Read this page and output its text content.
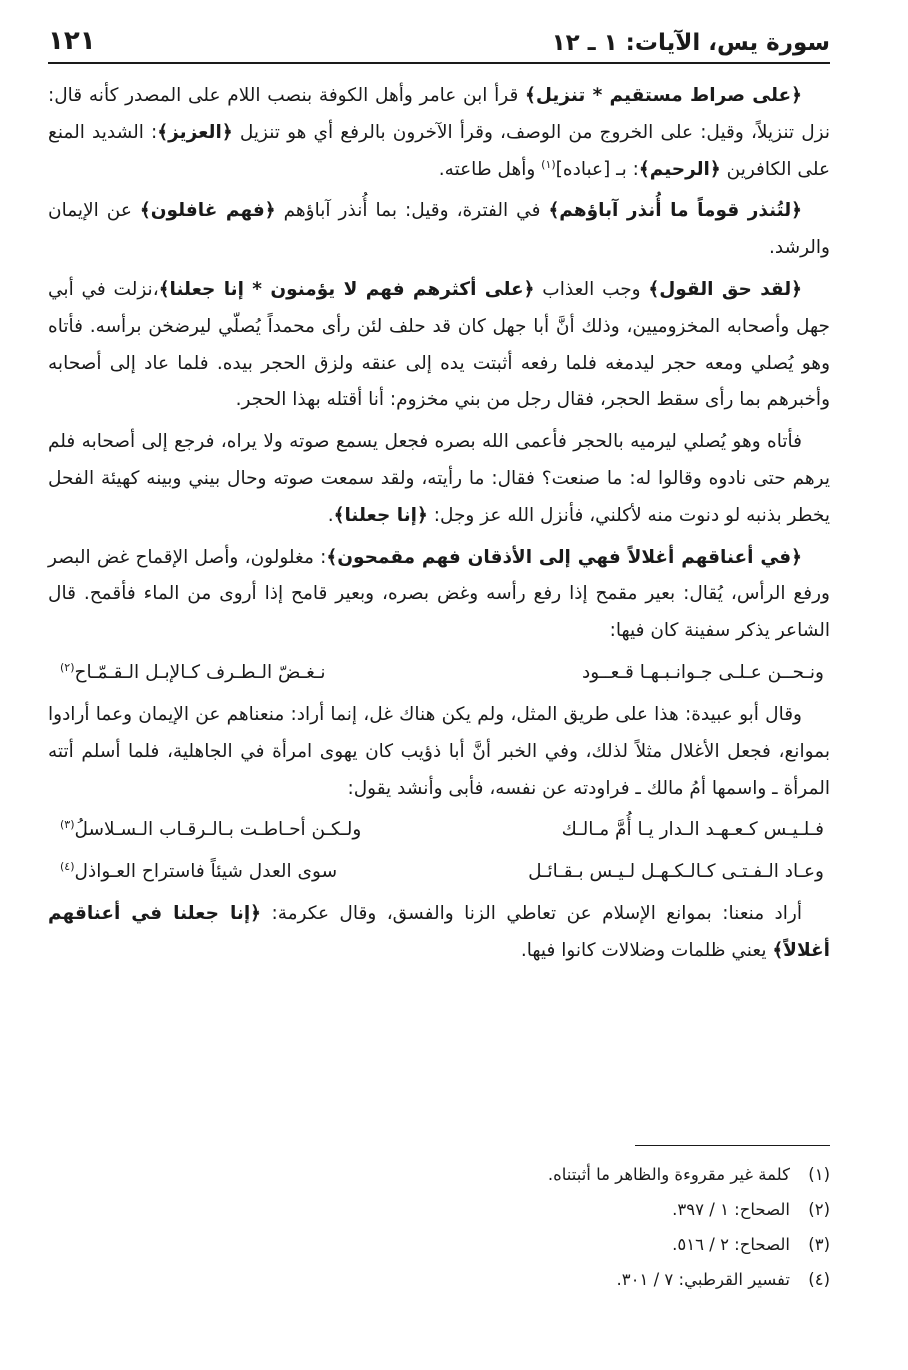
سورة يس، الآيات: ١ ـ ١٢
١٢١

﴿على صراط مستقيم * تنزيل﴾ قرأ ابن عامر وأهل الكوفة بنصب اللام على المصدر كأنه قال: نزل تنزيلاً، وقيل: على الخروج من الوصف، وقرأ الآخرون بالرفع أي هو تنزيل ﴿العزيز﴾: الشديد المنع على الكافرين ﴿الرحيم﴾: بـ [عباده]$^{(١)}$ وأهل طاعته.

﴿لتُنذر قوماً ما أُنذر آباؤهم﴾ في الفترة، وقيل: بما أُنذر آباؤهم ﴿فهم غافلون﴾ عن الإيمان والرشد.

﴿لقد حق القول﴾ وجب العذاب ﴿على أكثرهم فهم لا يؤمنون * إنا جعلنا﴾،نزلت في أبي جهل وأصحابه المخزوميين، وذلك أنَّ أبا جهل كان قد حلف لئن رأى محمداً يُصلّي ليرضخن برأسه. فأتاه وهو يُصلي ومعه حجر ليدمغه فلما رفعه أثبتت يده إلى عنقه ولزق الحجر بيده. فلما عاد إلى أصحابه وأخبرهم بما رأى سقط الحجر، فقال رجل من بني مخزوم: أنا أقتله بهذا الحجر.

فأتاه وهو يُصلي ليرميه بالحجر فأعمى الله بصره فجعل يسمع صوته ولا يراه، فرجع إلى أصحابه فلم يرهم حتى نادوه وقالوا له: ما صنعت؟ فقال: ما رأيته، ولقد سمعت صوته وحال بيني وبينه كهيئة الفحل يخطر بذنبه لو دنوت منه لأكلني، فأنزل الله عز وجل: ﴿إنا جعلنا﴾.

﴿في أعناقهم أغلالاً فهي إلى الأذقان فهم مقمحون﴾: مغلولون، وأصل الإقماح غض البصر ورفع الرأس، يُقال: بعير مقمح إذا رفع رأسه وغض بصره، وبعير قامح إذا أروى من الماء فأقمح. قال الشاعر يذكر سفينة كان فيها:

ونـحــن عـلـى جـوانـبـهـا قـعــود
نـغـضّ الـطـرف كـالإبـل الـقـمّـاح$^{(٢)}$

وقال أبو عبيدة: هذا على طريق المثل، ولم يكن هناك غل، إنما أراد: منعناهم عن الإيمان وعما أرادوا بموانع، فجعل الأغلال مثلاً لذلك، وفي الخبر أنَّ أبا ذؤيب كان يهوى امرأة في الجاهلية، فلما أسلم أتته المرأة ـ واسمها أمُ مالك ـ فراودته عن نفسه، فأبى وأنشد يقول:

فـلـيـس كـعـهـد الـدار يـا أُمَّ مـالـك
ولـكـن أحـاطـت بـالـرقـاب الـسـلاسلُ$^{(٣)}$
وعـاد الـفـتـى كـالـكـهـل لـيـس بـقـائـل
سوى العدل شيئاً فاستراح العـواذل$^{(٤)}$

أراد منعنا: بموانع الإسلام عن تعاطي الزنا والفسق، وقال عكرمة: ﴿إنا جعلنا في أعناقهم أغلالاً﴾ يعني ظلمات وضلالات كانوا فيها.

(١)
كلمة غير مقروءة والظاهر ما أثبتناه.
(٢)
الصحاح: ١ / ٣٩٧.
(٣)
الصحاح: ٢ / ٥١٦.
(٤)
تفسير القرطبي: ٧ / ٣٠١.
